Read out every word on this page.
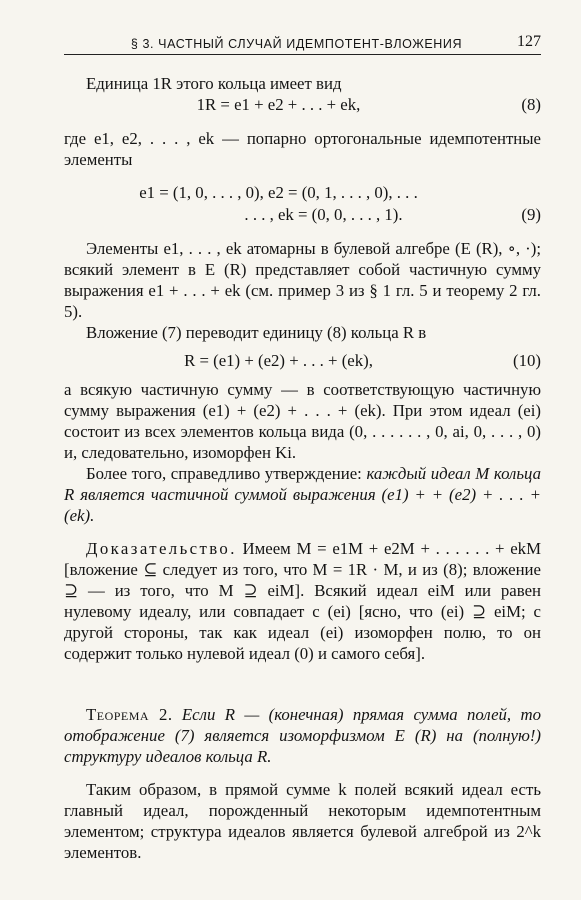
§ 3. ЧАСТНЫЙ СЛУЧАЙ ИДЕМПОТЕНТ-ВЛОЖЕНИЯ	127

Единица 1R этого кольца имеет вид

1R = e1 + e2 + . . . + ek,	(8)

где e1, e2, . . . , ek — попарно ортогональные идемпотентные элементы

e1 = (1, 0, . . . , 0), e2 = (0, 1, . . . , 0), . . .
. . . , ek = (0, 0, . . . , 1).	(9)

Элементы e1, . . . , ek атомарны в булевой алгебре (E (R), ∘, ·); всякий элемент в E (R) представляет собой частичную сумму выражения e1 + . . . + ek (см. пример 3 из § 1 гл. 5 и теорему 2 гл. 5).

Вложение (7) переводит единицу (8) кольца R в

R = (e1) + (e2) + . . . + (ek),	(10)

а всякую частичную сумму — в соответствующую частичную сумму выражения (e1) + (e2) + . . . + (ek). При этом идеал (ei) состоит из всех элементов кольца вида (0, . . . . . . , 0, ai, 0, . . . , 0) и, следовательно, изоморфен Ki.

Более того, справедливо утверждение: каждый идеал M кольца R является частичной суммой выражения (e1) + + (e2) + . . . + (ek).

Доказательство. Имеем M = e1M + e2M + . . . . . . + ekM [вложение ⊆ следует из того, что M = 1R · M, и из (8); вложение ⊇ — из того, что M ⊇ eiM]. Всякий идеал eiM или равен нулевому идеалу, или совпадает с (ei) [ясно, что (ei) ⊇ eiM; с другой стороны, так как идеал (ei) изоморфен полю, то он содержит только нулевой идеал (0) и самого себя].

Теорема 2. Если R — (конечная) прямая сумма полей, то отображение (7) является изоморфизмом E (R) на (полную!) структуру идеалов кольца R.

Таким образом, в прямой сумме k полей всякий идеал есть главный идеал, порожденный некоторым идемпотентным элементом; структура идеалов является булевой алгеброй из 2^k элементов.
